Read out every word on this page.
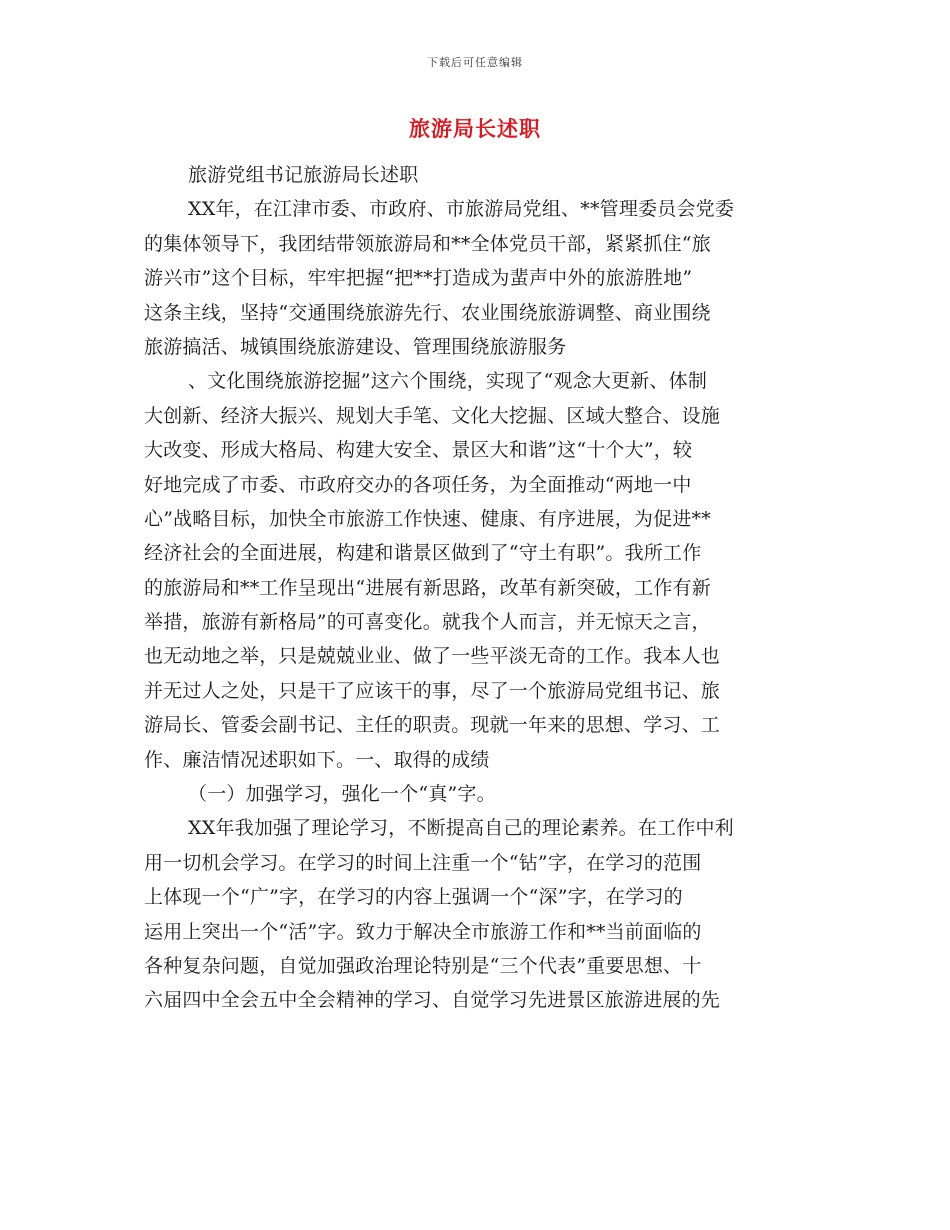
下载后可任意编辑
旅游局长述职
旅游党组书记旅游局长述职
XX年，在江津市委、市政府、市旅游局党组、**管理委员会党委
的集体领导下，我团结带领旅游局和**全体党员干部，紧紧抓住“旅
游兴市”这个目标，牢牢把握“把**打造成为蜚声中外的旅游胜地”
这条主线，坚持“交通围绕旅游先行、农业围绕旅游调整、商业围绕
旅游搞活、城镇围绕旅游建设、管理围绕旅游服务
、文化围绕旅游挖掘”这六个围绕，实现了“观念大更新、体制
大创新、经济大振兴、规划大手笔、文化大挖掘、区域大整合、设施
大改变、形成大格局、构建大安全、景区大和谐”这“十个大”，较
好地完成了市委、市政府交办的各项任务，为全面推动“两地一中
心”战略目标，加快全市旅游工作快速、健康、有序进展，为促进**
经济社会的全面进展，构建和谐景区做到了“守土有职”。我所工作
的旅游局和**工作呈现出“进展有新思路，改革有新突破，工作有新
举措，旅游有新格局”的可喜变化。就我个人而言，并无惊天之言，
也无动地之举，只是兢兢业业、做了一些平淡无奇的工作。我本人也
并无过人之处，只是干了应该干的事，尽了一个旅游局党组书记、旅
游局长、管委会副书记、主任的职责。现就一年来的思想、学习、工
作、廉洁情况述职如下。一、取得的成绩
（一）加强学习，强化一个“真”字。
XX年我加强了理论学习，不断提高自己的理论素养。在工作中利
用一切机会学习。在学习的时间上注重一个“钻”字，在学习的范围
上体现一个“广”字，在学习的内容上强调一个“深”字，在学习的
运用上突出一个“活”字。致力于解决全市旅游工作和**当前面临的
各种复杂问题，自觉加强政治理论特别是“三个代表”重要思想、十
六届四中全会五中全会精神的学习、自觉学习先进景区旅游进展的先
